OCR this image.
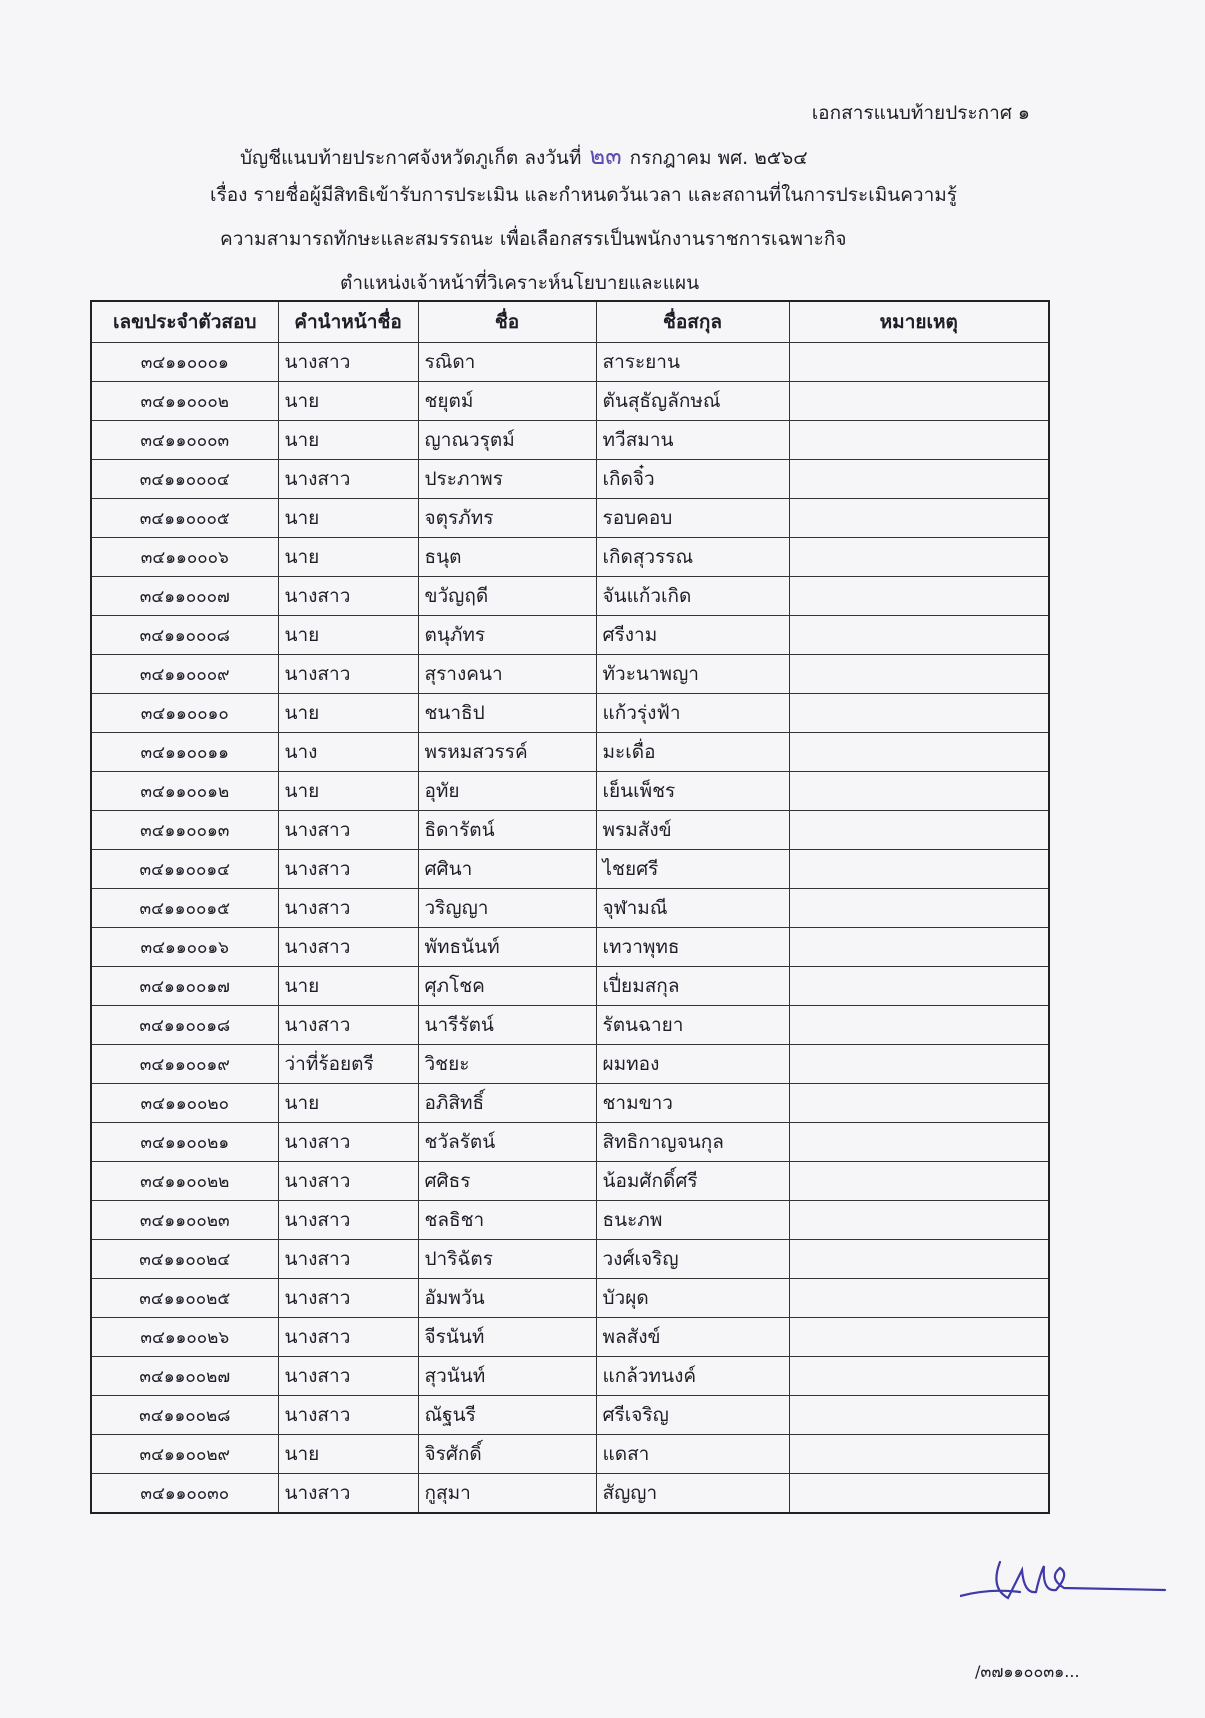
เอกสารแนบท้ายประกาศ ๑
บัญชีแนบท้ายประกาศจังหวัดภูเก็ต ลงวันที่ ๒๓ กรกฎาคม พศ. ๒๕๖๔
เรื่อง รายชื่อผู้มีสิทธิเข้ารับการประเมิน และกำหนดวันเวลา และสถานที่ในการประเมินความรู้
ความสามารถทักษะและสมรรถนะ เพื่อเลือกสรรเป็นพนักงานราชการเฉพาะกิจ
ตำแหน่งเจ้าหน้าที่วิเคราะห์นโยบายและแผน
เลขประจำตัวสอบ	คำนำหน้าชื่อ	ชื่อ	ชื่อสกุล	หมายเหตุ
๓๔๑๑๐๐๐๑	นางสาว	รณิดา	สาระยาน	
๓๔๑๑๐๐๐๒	นาย	ชยุตม์	ตันสุธัญลักษณ์	
๓๔๑๑๐๐๐๓	นาย	ญาณวรุตม์	ทวีสมาน	
๓๔๑๑๐๐๐๔	นางสาว	ประภาพร	เกิดจิ๋ว	
๓๔๑๑๐๐๐๕	นาย	จตุรภัทร	รอบคอบ	
๓๔๑๑๐๐๐๖	นาย	ธนุต	เกิดสุวรรณ	
๓๔๑๑๐๐๐๗	นางสาว	ขวัญฤดี	จันแก้วเกิด	
๓๔๑๑๐๐๐๘	นาย	ตนุภัทร	ศรีงาม	
๓๔๑๑๐๐๐๙	นางสาว	สุรางคนา	ทัวะนาพญา	
๓๔๑๑๐๐๑๐	นาย	ชนาธิป	แก้วรุ่งฟ้า	
๓๔๑๑๐๐๑๑	นาง	พรหมสวรรค์	มะเดื่อ	
๓๔๑๑๐๐๑๒	นาย	อุทัย	เย็นเพ็ชร	
๓๔๑๑๐๐๑๓	นางสาว	ธิดารัตน์	พรมสังข์	
๓๔๑๑๐๐๑๔	นางสาว	ศศินา	ไชยศรี	
๓๔๑๑๐๐๑๕	นางสาว	วริญญา	จุฬามณี	
๓๔๑๑๐๐๑๖	นางสาว	พัทธนันท์	เทวาพุทธ	
๓๔๑๑๐๐๑๗	นาย	ศุภโชค	เปี่ยมสกุล	
๓๔๑๑๐๐๑๘	นางสาว	นารีรัตน์	รัตนฉายา	
๓๔๑๑๐๐๑๙	ว่าที่ร้อยตรี	วิชยะ	ผมทอง	
๓๔๑๑๐๐๒๐	นาย	อภิสิทธิ์	ชามขาว	
๓๔๑๑๐๐๒๑	นางสาว	ชวัลรัตน์	สิทธิกาญจนกุล	
๓๔๑๑๐๐๒๒	นางสาว	ศศิธร	น้อมศักดิ์ศรี	
๓๔๑๑๐๐๒๓	นางสาว	ชลธิชา	ธนะภพ	
๓๔๑๑๐๐๒๔	นางสาว	ปาริฉัตร	วงศ์เจริญ	
๓๔๑๑๐๐๒๕	นางสาว	อัมพวัน	บัวผุด	
๓๔๑๑๐๐๒๖	นางสาว	จีรนันท์	พลสังข์	
๓๔๑๑๐๐๒๗	นางสาว	สุวนันท์	แกล้วทนงค์	
๓๔๑๑๐๐๒๘	นางสาว	ณัฐนรี	ศรีเจริญ	
๓๔๑๑๐๐๒๙	นาย	จิรศักดิ์	แดสา	
๓๔๑๑๐๐๓๐	นางสาว	กูสุมา	สัญญา	
/๓๗๑๑๐๐๓๑...
